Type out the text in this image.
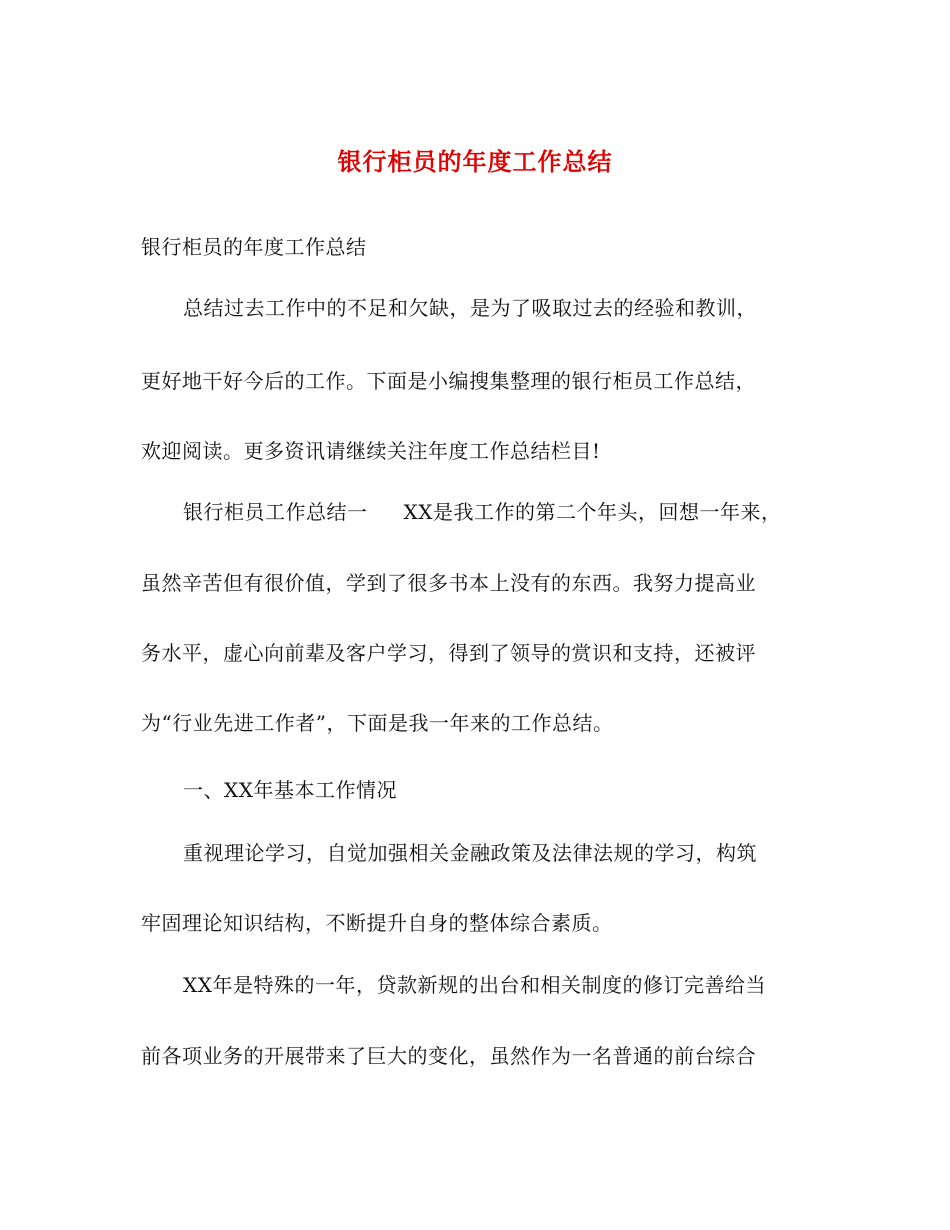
银行柜员的年度工作总结
银行柜员的年度工作总结
总结过去工作中的不足和欠缺，是为了吸取过去的经验和教训，
更好地干好今后的工作。下面是小编搜集整理的银行柜员工作总结，
欢迎阅读。更多资讯请继续关注年度工作总结栏目!
银行柜员工作总结一 XX是我工作的第二个年头，回想一年来，
虽然辛苦但有很价值，学到了很多书本上没有的东西。我努力提高业
务水平，虚心向前辈及客户学习，得到了领导的赏识和支持，还被评
为“行业先进工作者”，下面是我一年来的工作总结。
一、XX年基本工作情况
重视理论学习，自觉加强相关金融政策及法律法规的学习，构筑
牢固理论知识结构，不断提升自身的整体综合素质。
XX年是特殊的一年，贷款新规的出台和相关制度的修订完善给当
前各项业务的开展带来了巨大的变化，虽然作为一名普通的前台综合
